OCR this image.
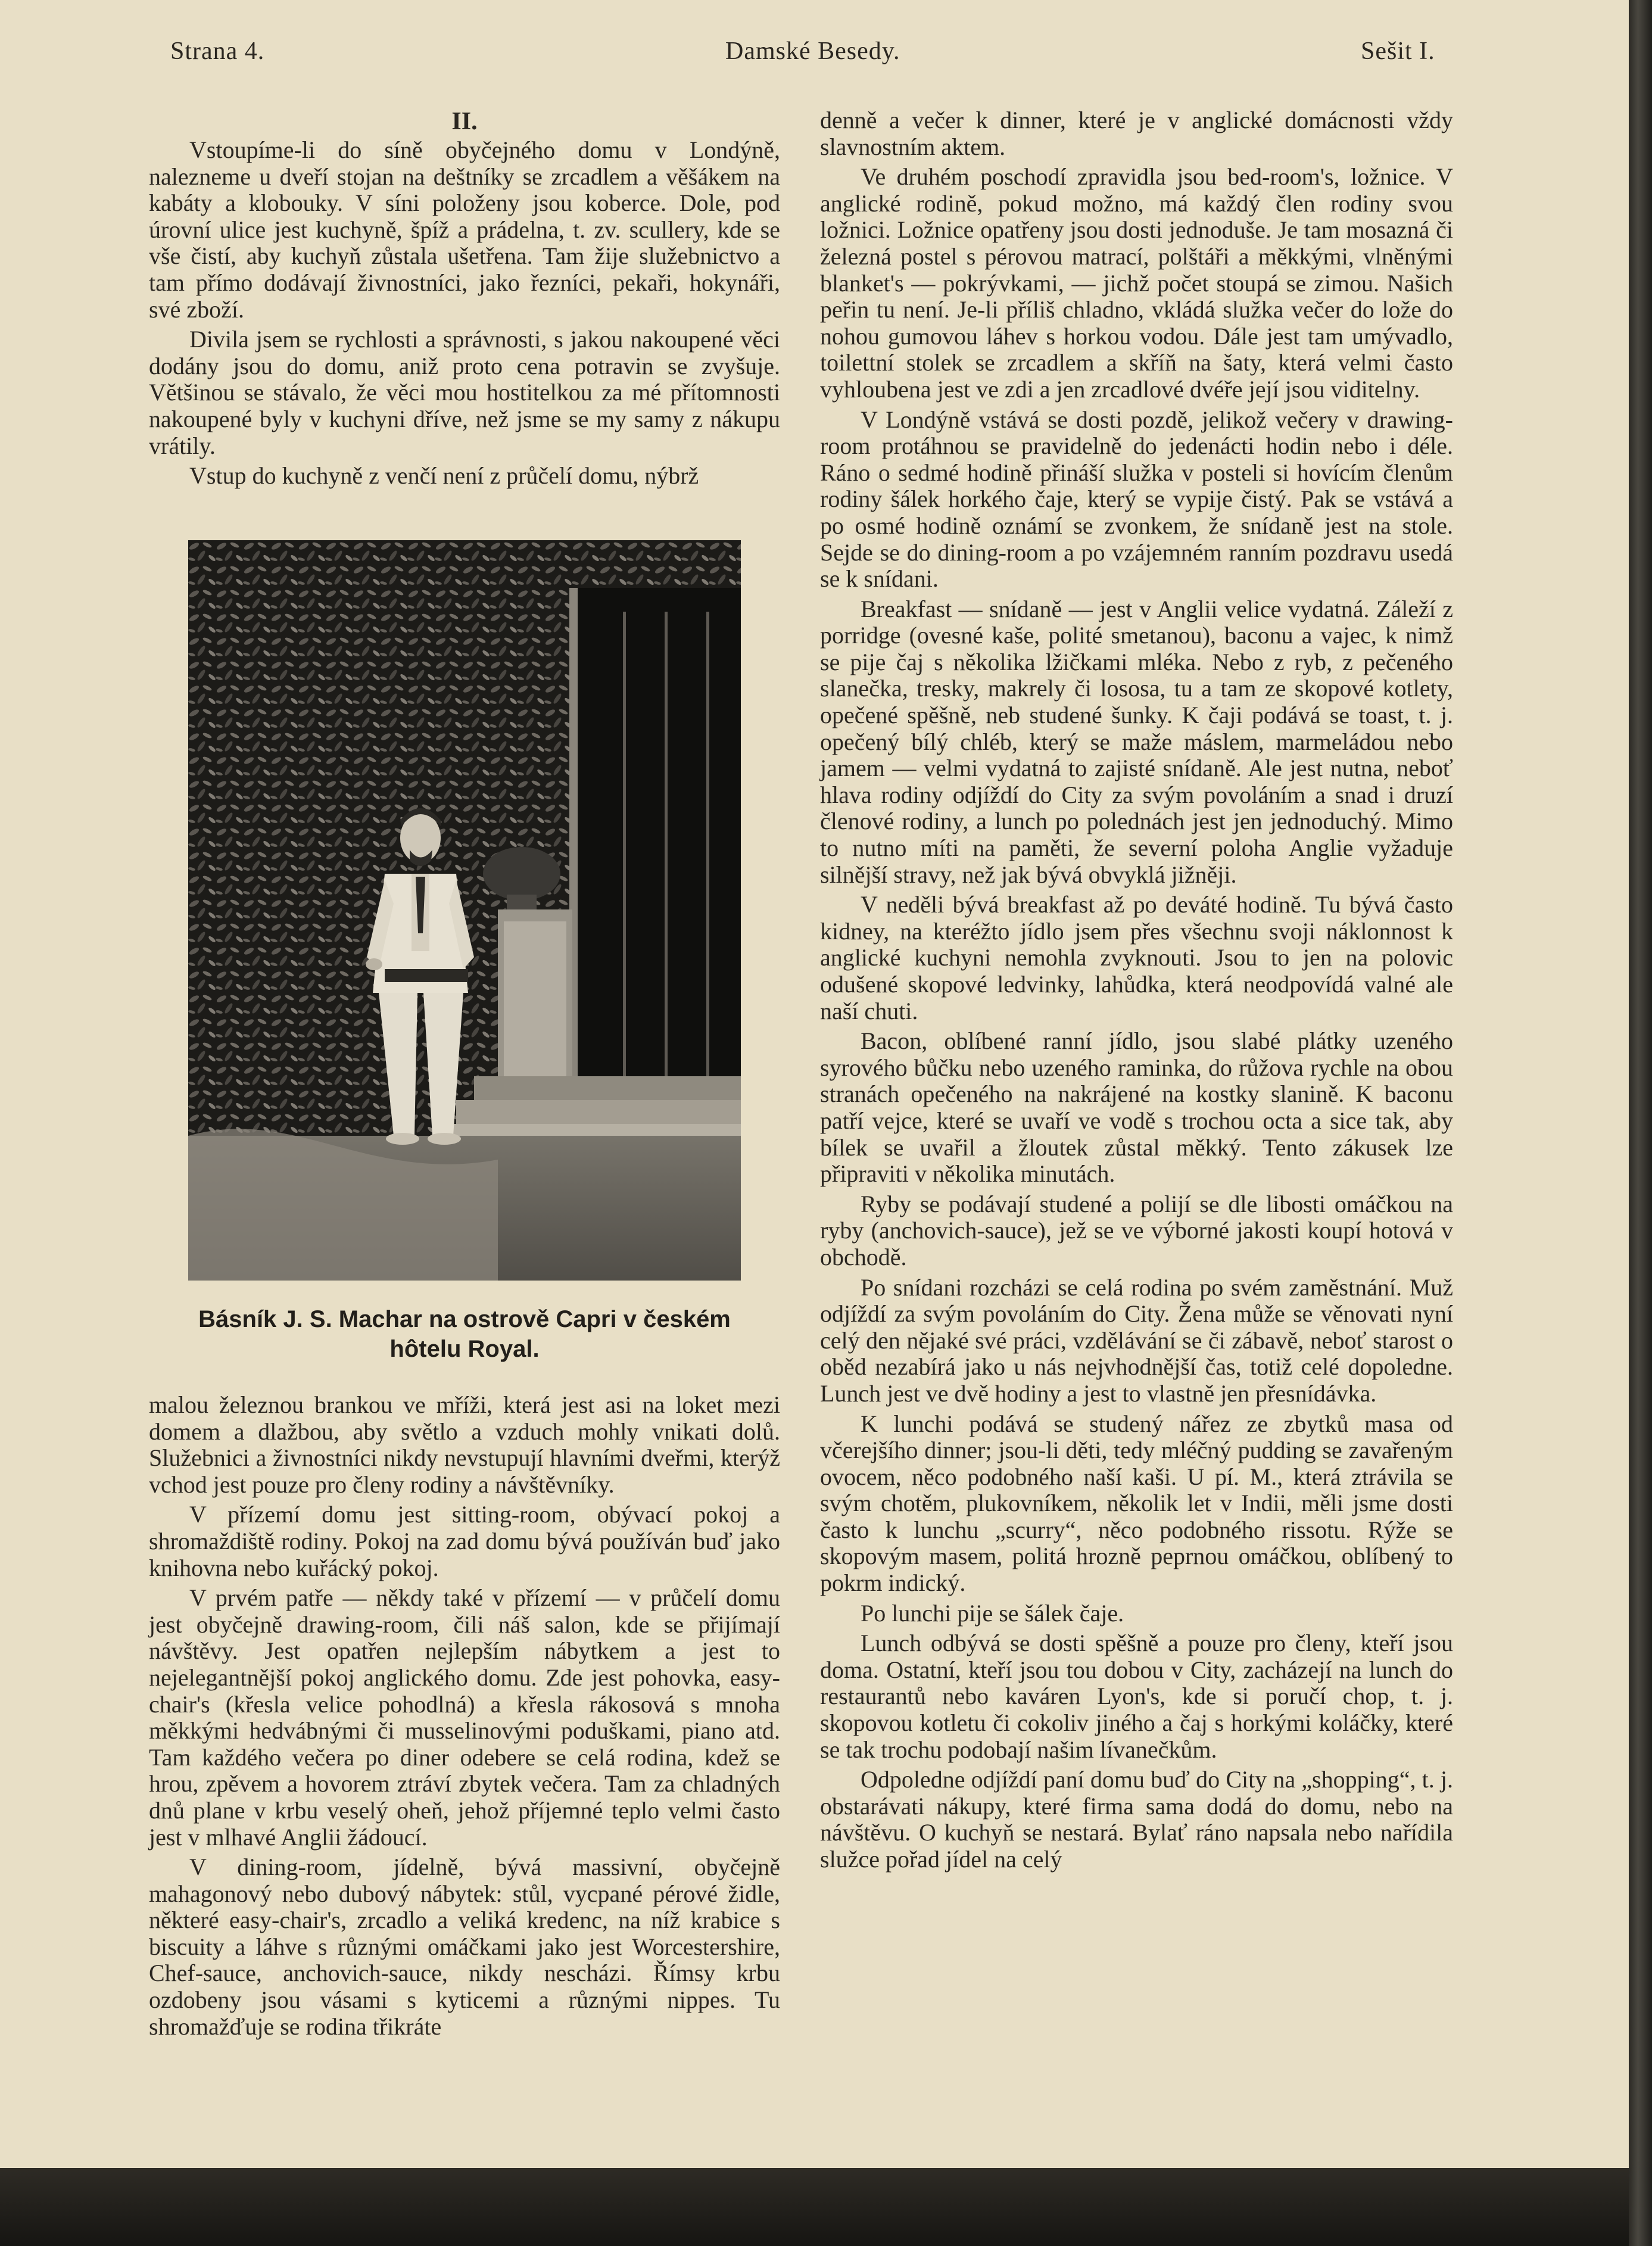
Strana 4.	Damské Besedy.	Sešit I.
II.

Vstoupíme-li do síně obyčejného domu v Londýně, nalezneme u dveří stojan na deštníky se zrcadlem a věšákem na kabáty a klobouky. V síni položeny jsou koberce. Dole, pod úrovní ulice jest kuchyně, špíž a prádelna, t. zv. scullery, kde se vše čistí, aby kuchyň zůstala ušetřena. Tam žije služebnictvo a tam přímo dodávají živnostníci, jako řezníci, pekaři, hokynáři, své zboží.

Divila jsem se rychlosti a správnosti, s jakou nakoupené věci dodány jsou do domu, aniž proto cena potravin se zvyšuje. Většinou se stávalo, že věci mou hostitelkou za mé přítomnosti nakoupené byly v kuchyni dříve, než jsme se my samy z nákupu vrátily.

Vstup do kuchyně z venčí není z průčelí domu, nýbrž

Básník J. S. Machar na ostrově Capri v českém
hôtelu Royal.

malou železnou brankou ve mříži, která jest asi na loket mezi domem a dlažbou, aby světlo a vzduch mohly vnikati dolů. Služebnici a živnostníci nikdy nevstupují hlavními dveřmi, kterýž vchod jest pouze pro členy rodiny a návštěvníky.

V přízemí domu jest sitting-room, obývací pokoj a shromaždiště rodiny. Pokoj na zad domu bývá používán buď jako knihovna nebo kuřácký pokoj.

V prvém patře — někdy také v přízemí — v průčelí domu jest obyčejně drawing-room, čili náš salon, kde se přijímají návštěvy. Jest opatřen nejlepším nábytkem a jest to nejelegantnější pokoj anglického domu. Zde jest pohovka, easy-chair's (křesla velice pohodlná) a křesla rákosová s mnoha měkkými hedvábnými či musselinovými poduškami, piano atd. Tam každého večera po diner odebere se celá rodina, kdež se hrou, zpěvem a hovorem ztráví zbytek večera. Tam za chladných dnů plane v krbu veselý oheň, jehož příjemné teplo velmi často jest v mlhavé Anglii žádoucí.

V dining-room, jídelně, bývá massivní, obyčejně mahagonový nebo dubový nábytek: stůl, vycpané pérové židle, některé easy-chair's, zrcadlo a veliká kredenc, na níž krabice s biscuity a láhve s různými omáčkami jako jest Worcestershire, Chef-sauce, anchovich-sauce, nikdy nescházi. Římsy krbu ozdobeny jsou vásami s kyticemi a různými nippes. Tu shromažďuje se rodina třikráte

denně a večer k dinner, které je v anglické domácnosti vždy slavnostním aktem.

Ve druhém poschodí zpravidla jsou bed-room's, ložnice. V anglické rodině, pokud možno, má každý člen rodiny svou ložnici. Ložnice opatřeny jsou dosti jednoduše. Je tam mosazná či železná postel s pérovou matrací, polštáři a měkkými, vlněnými blanket's — pokrývkami, — jichž počet stoupá se zimou. Našich peřin tu není. Je-li příliš chladno, vkládá služka večer do lože do nohou gumovou láhev s horkou vodou. Dále jest tam umývadlo, toilettní stolek se zrcadlem a skříň na šaty, která velmi často vyhloubena jest ve zdi a jen zrcadlové dvéře její jsou viditelny.

V Londýně vstává se dosti pozdě, jelikož večery v drawing-room protáhnou se pravidelně do jedenácti hodin nebo i déle. Ráno o sedmé hodině přináší služka v posteli si hovícím členům rodiny šálek horkého čaje, který se vypije čistý. Pak se vstává a po osmé hodině oznámí se zvonkem, že snídaně jest na stole. Sejde se do dining-room a po vzájemném ranním pozdravu usedá se k snídani.

Breakfast — snídaně — jest v Anglii velice vydatná. Záleží z porridge (ovesné kaše, polité smetanou), baconu a vajec, k nimž se pije čaj s několika lžičkami mléka. Nebo z ryb, z pečeného slanečka, tresky, makrely či lososa, tu a tam ze skopové kotlety, opečené spěšně, neb studené šunky. K čaji podává se toast, t. j. opečený bílý chléb, který se maže máslem, marmeládou nebo jamem — velmi vydatná to zajisté snídaně. Ale jest nutna, neboť hlava rodiny odjíždí do City za svým povoláním a snad i druzí členové rodiny, a lunch po polednách jest jen jednoduchý. Mimo to nutno míti na paměti, že severní poloha Anglie vyžaduje silnější stravy, než jak bývá obvyklá jižněji.

V neděli bývá breakfast až po deváté hodině. Tu bývá často kidney, na kteréžto jídlo jsem přes všechnu svoji náklonnost k anglické kuchyni nemohla zvyknouti. Jsou to jen na polovic odušené skopové ledvinky, lahůdka, která neodpovídá valné ale naší chuti.

Bacon, oblíbené ranní jídlo, jsou slabé plátky uzeného syrového bůčku nebo uzeného raminka, do růžova rychle na obou stranách opečeného na nakrájené na kostky slanině. K baconu patří vejce, které se uvaří ve vodě s trochou octa a sice tak, aby bílek se uvařil a žloutek zůstal měkký. Tento zákusek lze připraviti v několika minutách.

Ryby se podávají studené a polijí se dle libosti omáčkou na ryby (anchovich-sauce), jež se ve výborné jakosti koupí hotová v obchodě.

Po snídani rozcházi se celá rodina po svém zaměstnání. Muž odjíždí za svým povoláním do City. Žena může se věnovati nyní celý den nějaké své práci, vzdělávání se či zábavě, neboť starost o oběd nezabírá jako u nás nejvhodnější čas, totiž celé dopoledne. Lunch jest ve dvě hodiny a jest to vlastně jen přesnídávka.

K lunchi podává se studený nářez ze zbytků masa od včerejšího dinner; jsou-li děti, tedy mléčný pudding se zavařeným ovocem, něco podobného naší kaši. U pí. M., která ztrávila se svým chotěm, plukovníkem, několik let v Indii, měli jsme dosti často k lunchu „scurry“, něco podobného rissotu. Rýže se skopovým masem, politá hrozně peprnou omáčkou, oblíbený to pokrm indický.

Po lunchi pije se šálek čaje.

Lunch odbývá se dosti spěšně a pouze pro členy, kteří jsou doma. Ostatní, kteří jsou tou dobou v City, zacházejí na lunch do restaurantů nebo kaváren Lyon's, kde si poručí chop, t. j. skopovou kotletu či cokoliv jiného a čaj s horkými koláčky, které se tak trochu podobají našim lívanečkům.

Odpoledne odjíždí paní domu buď do City na „shopping“, t. j. obstarávati nákupy, které firma sama dodá do domu, nebo na návštěvu. O kuchyň se nestará. Bylať ráno napsala nebo nařídila služce pořad jídel na celý
